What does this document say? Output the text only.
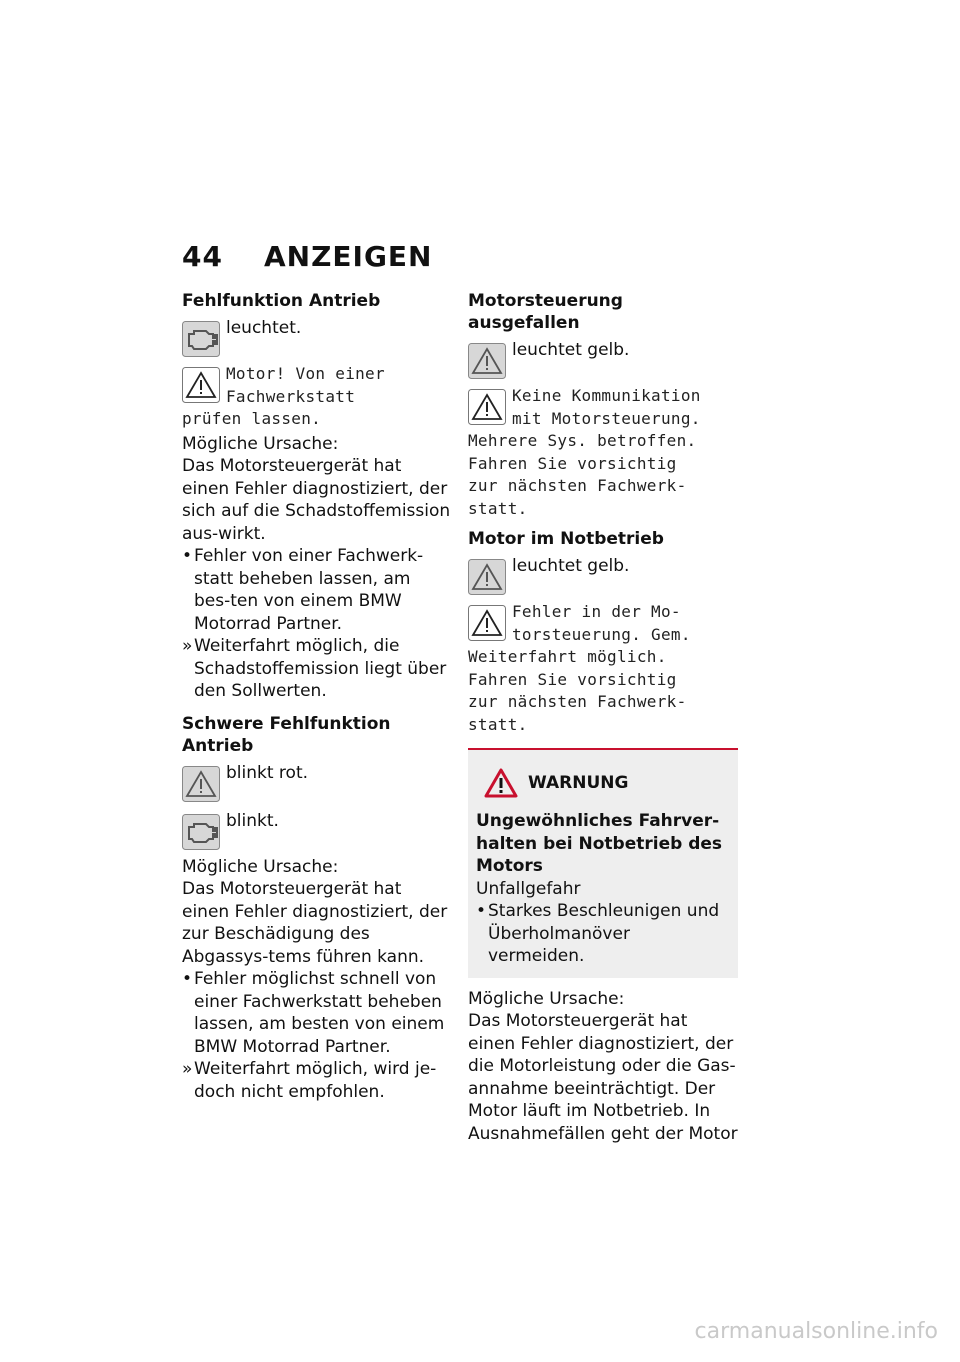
44 ANZEIGEN

Fehlfunktion Antrieb

leuchtet.
Motor! Von einer
Fachwerkstatt
prüfen lassen.

Mögliche Ursache:

Das Motorsteuergerät hat einen Fehler diagnostiziert, der sich auf die Schadstoffemission aus-wirkt.

• Fehler von einer Fachwerk-statt beheben lassen, am bes-ten von einem BMW Motorrad Partner.

» Weiterfahrt möglich, die Schadstoffemission liegt über den Sollwerten.

Schwere Fehlfunktion Antrieb

blinkt rot.
blinkt.

Mögliche Ursache:

Das Motorsteuergerät hat einen Fehler diagnostiziert, der zur Beschädigung des Abgassys-tems führen kann.

• Fehler möglichst schnell von einer Fachwerkstatt beheben lassen, am besten von einem BMW Motorrad Partner.

» Weiterfahrt möglich, wird je-doch nicht empfohlen.

Motorsteuerung ausgefallen

leuchtet gelb.
Keine Kommunikation
mit Motorsteuerung.
Mehrere Sys. betroffen.
Fahren Sie vorsichtig
zur nächsten Fachwerk-
statt.

Motor im Notbetrieb

leuchtet gelb.
Fehler in der Mo-
torsteuerung. Gem.
Weiterfahrt möglich.
Fahren Sie vorsichtig
zur nächsten Fachwerk-
statt.
WARNUNG

Ungewöhnliches Fahrver-halten bei Notbetrieb des Motors

Unfallgefahr

• Starkes Beschleunigen und Überholmanöver vermeiden.

Mögliche Ursache:

Das Motorsteuergerät hat einen Fehler diagnostiziert, der die Motorleistung oder die Gas-annahme beeinträchtigt. Der Motor läuft im Notbetrieb. In Ausnahmefällen geht der Motor

carmanualsonline.info
